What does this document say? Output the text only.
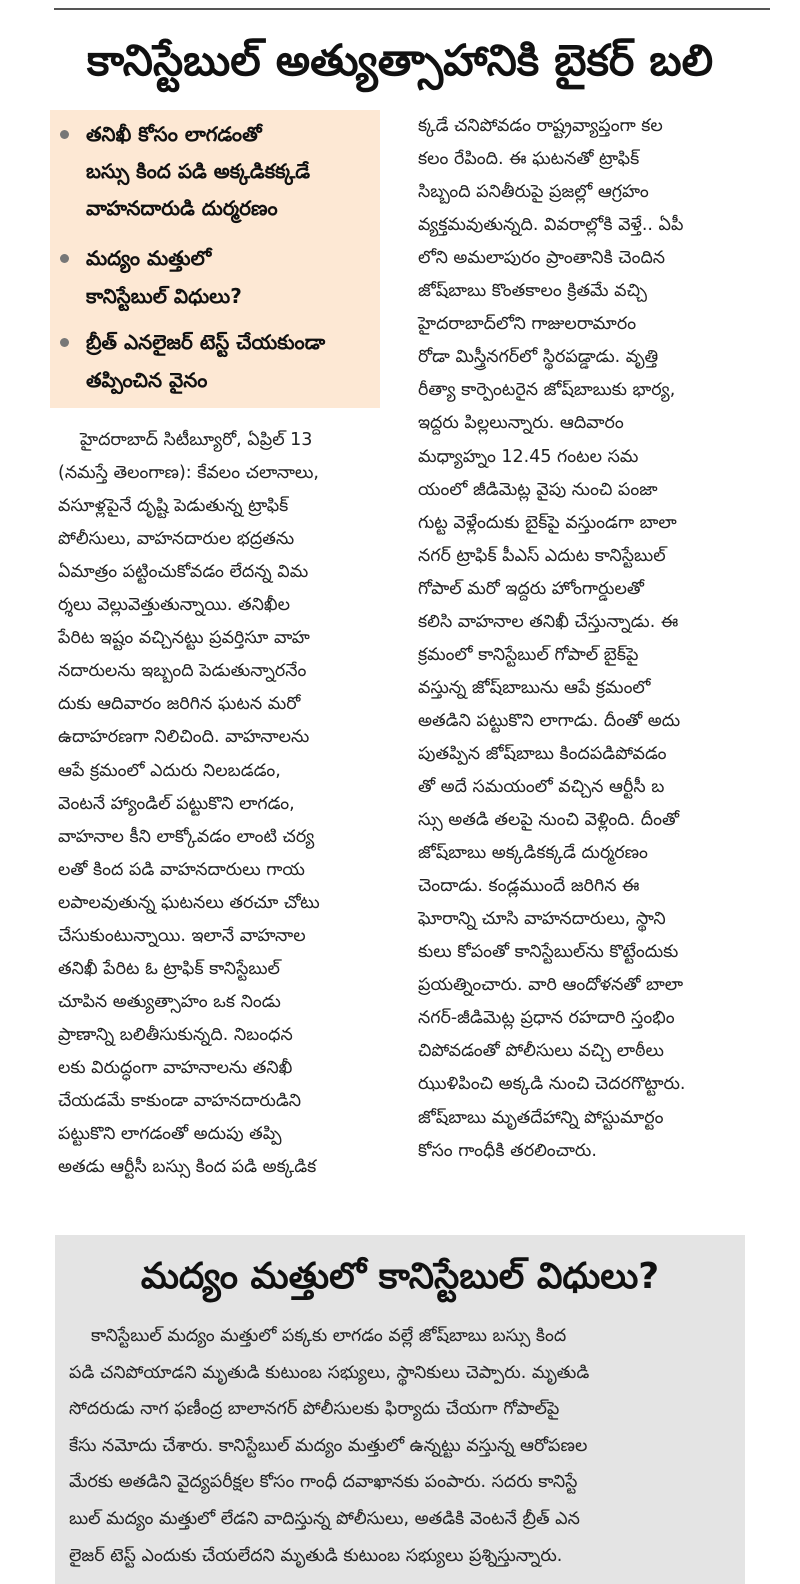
కానిస్టేబుల్ అత్యుత్సాహానికి బైకర్ బలి
తనిఖీ కోసం లాగడంతో
బస్సు కింద పడి అక్కడికక్కడే
వాహనదారుడి దుర్మరణం
మద్యం మత్తులో
కానిస్టేబుల్ విధులు?
బ్రీత్ ఎనలైజర్ టెస్ట్ చేయకుండా
తప్పించిన వైనం
హైదరాబాద్ సిటీబ్యూరో, ఏప్రిల్ 13
(నమస్తే తెలంగాణ): కేవలం చలానాలు,
వసూళ్లపైనే దృష్టి పెడుతున్న ట్రాఫిక్
పోలీసులు, వాహనదారుల భద్రతను
ఏమాత్రం పట్టించుకోవడం లేదన్న విమ
ర్శలు వెల్లువెత్తుతున్నాయి. తనిఖీల
పేరిట ఇష్టం వచ్చినట్టు ప్రవర్తిసూ వాహ
నదారులను ఇబ్బంది పెడుతున్నారనేం
దుకు ఆదివారం జరిగిన ఘటన మరో
ఉదాహరణగా నిలిచింది. వాహనాలను
ఆపే క్రమంలో ఎదురు నిలబడడం,
వెంటనే హ్యాండిల్ పట్టుకొని లాగడం,
వాహనాల కీని లాక్కోవడం లాంటి చర్య
లతో కింద పడి వాహనదారులు గాయ
లపాలవుతున్న ఘటనలు తరచూ చోటు
చేసుకుంటున్నాయి. ఇలానే వాహనాల
తనిఖీ పేరిట ఓ ట్రాఫిక్ కానిస్టేబుల్
చూపిన అత్యుత్సాహం ఒక నిండు
ప్రాణాన్ని బలితీసుకున్నది. నిబంధన
లకు విరుద్ధంగా వాహనాలను తనిఖీ
చేయడమే కాకుండా వాహనదారుడిని
పట్టుకొని లాగడంతో అదుపు తప్పి
అతడు ఆర్టీసీ బస్సు కింద పడి అక్కడిక
క్కడే చనిపోవడం రాష్ట్రవ్యాప్తంగా కల
కలం రేపింది. ఈ ఘటనతో ట్రాఫిక్
సిబ్బంది పనితీరుపై ప్రజల్లో ఆగ్రహం
వ్యక్తమవుతున్నది. వివరాల్లోకి వెళ్తే.. ఏపీ
లోని అమలాపురం ప్రాంతానికి చెందిన
జోష్‌బాబు కొంతకాలం క్రితమే వచ్చి
హైదరాబాద్‌లోని గాజులరామారం
రోడా మిస్త్రీనగర్‌లో స్థిరపడ్డాడు. వృత్తి
రీత్యా కార్పెంటరైన జోష్‌బాబుకు భార్య,
ఇద్దరు పిల్లలున్నారు. ఆదివారం
మధ్యాహ్నం 12.45 గంటల సమ
యంలో జీడిమెట్ల వైపు నుంచి పంజా
గుట్ట వెళ్లేందుకు బైక్‌పై వస్తుండగా బాలా
నగర్ ట్రాఫిక్ పీఎస్ ఎదుట కానిస్టేబుల్
గోపాల్ మరో ఇద్దరు హోంగార్డులతో
కలిసి వాహనాల తనిఖీ చేస్తున్నాడు. ఈ
క్రమంలో కానిస్టేబుల్ గోపాల్ బైక్‌పై
వస్తున్న జోష్‌బాబును ఆపే క్రమంలో
అతడిని పట్టుకొని లాగాడు. దీంతో అదు
పుతప్పిన జోష్‌బాబు కిందపడిపోవడం
తో అదే సమయంలో వచ్చిన ఆర్టీసీ బ
స్సు అతడి తలపై నుంచి వెళ్లింది. దీంతో
జోష్‌బాబు అక్కడికక్కడే దుర్మరణం
చెందాడు. కండ్లముందే జరిగిన ఈ
ఘోరాన్ని చూసి వాహనదారులు, స్థాని
కులు కోపంతో కానిస్టేబుల్‌ను కొట్టేందుకు
ప్రయత్నించారు. వారి ఆందోళనతో బాలా
నగర్-జీడిమెట్ల ప్రధాన రహదారి స్తంభిం
చిపోవడంతో పోలీసులు వచ్చి లాఠీలు
ఝుళిపించి అక్కడి నుంచి చెదరగొట్టారు.
జోష్‌బాబు మృతదేహాన్ని పోస్టుమార్టం
కోసం గాంధీకి తరలించారు.
మద్యం మత్తులో కానిస్టేబుల్ విధులు?
కానిస్టేబుల్ మద్యం మత్తులో పక్కకు లాగడం వల్లే జోష్‌బాబు బస్సు కింద
పడి చనిపోయాడని మృతుడి కుటుంబ సభ్యులు, స్థానికులు చెప్పారు. మృతుడి
సోదరుడు నాగ ఫణీంద్ర బాలానగర్ పోలీసులకు ఫిర్యాదు చేయగా గోపాల్‌పై
కేసు నమోదు చేశారు. కానిస్టేబుల్ మద్యం మత్తులో ఉన్నట్టు వస్తున్న ఆరోపణల
మేరకు అతడిని వైద్యపరీక్షల కోసం గాంధీ దవాఖానకు పంపారు. సదరు కానిస్టే
బుల్ మద్యం మత్తులో లేడని వాదిస్తున్న పోలీసులు, అతడికి వెంటనే బ్రీత్ ఎన
లైజర్ టెస్ట్ ఎందుకు చేయలేదని మృతుడి కుటుంబ సభ్యులు ప్రశ్నిస్తున్నారు.
